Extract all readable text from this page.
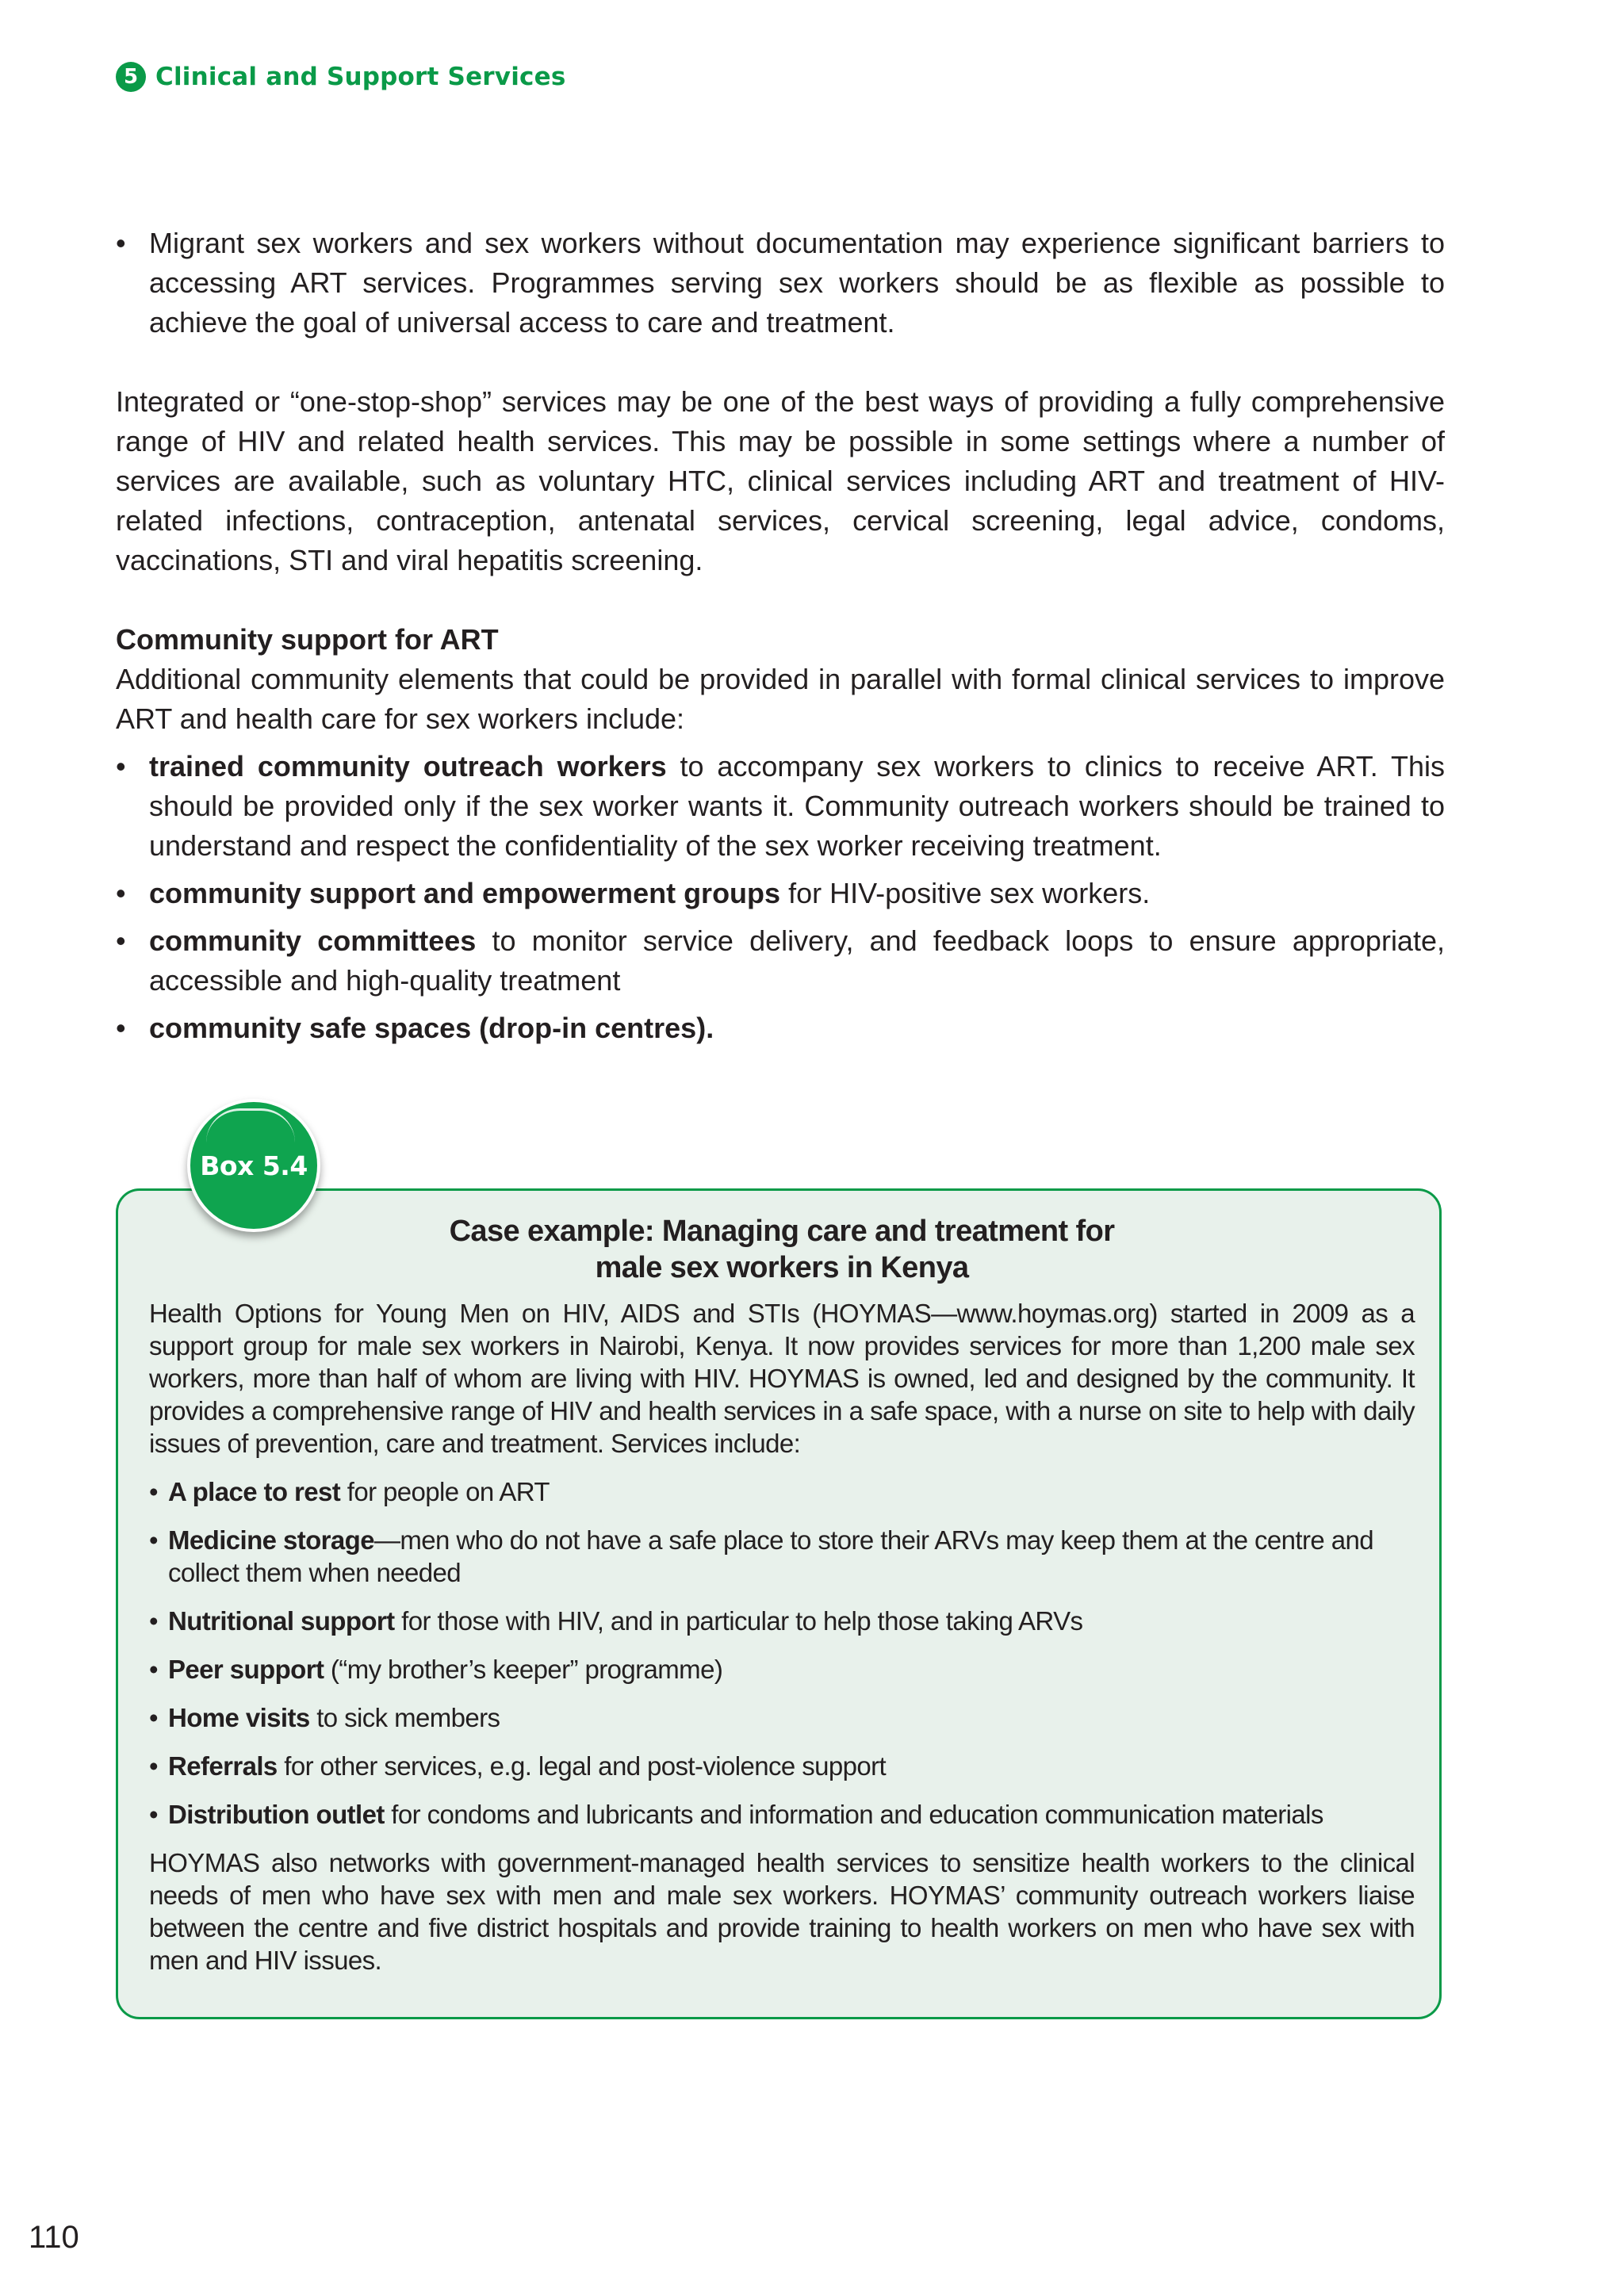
5 Clinical and Support Services
• Migrant sex workers and sex workers without documentation may experience significant barriers to accessing ART services. Programmes serving sex workers should be as flexible as possible to achieve the goal of universal access to care and treatment.

Integrated or “one-stop-shop” services may be one of the best ways of providing a fully comprehensive range of HIV and related health services. This may be possible in some settings where a number of services are available, such as voluntary HTC, clinical services including ART and treatment of HIV-related infections, contraception, antenatal services, cervical screening, legal advice, condoms, vaccinations, STI and viral hepatitis screening.

Community support for ART

Additional community elements that could be provided in parallel with formal clinical services to improve ART and health care for sex workers include:

• trained community outreach workers to accompany sex workers to clinics to receive ART. This should be provided only if the sex worker wants it. Community outreach workers should be trained to understand and respect the confidentiality of the sex worker receiving treatment.
• community support and empowerment groups for HIV-positive sex workers.
• community committees to monitor service delivery, and feedback loops to ensure appropriate, accessible and high-quality treatment
• community safe spaces (drop-in centres).
Box 5.4

Case example: Managing care and treatment for
male sex workers in Kenya

Health Options for Young Men on HIV, AIDS and STIs (HOYMAS—www.hoymas.org) started in 2009 as a support group for male sex workers in Nairobi, Kenya. It now provides services for more than 1,200 male sex workers, more than half of whom are living with HIV. HOYMAS is owned, led and designed by the community. It provides a comprehensive range of HIV and health services in a safe space, with a nurse on site to help with daily issues of prevention, care and treatment. Services include:

• A place to rest for people on ART
• Medicine storage—men who do not have a safe place to store their ARVs may keep them at the centre and collect them when needed
• Nutritional support for those with HIV, and in particular to help those taking ARVs
• Peer support (“my brother’s keeper” programme)
• Home visits to sick members
• Referrals for other services, e.g. legal and post-violence support
• Distribution outlet for condoms and lubricants and information and education communication materials

HOYMAS also networks with government-managed health services to sensitize health workers to the clinical needs of men who have sex with men and male sex workers. HOYMAS’ community outreach workers liaise between the centre and five district hospitals and provide training to health workers on men who have sex with men and HIV issues.

110
